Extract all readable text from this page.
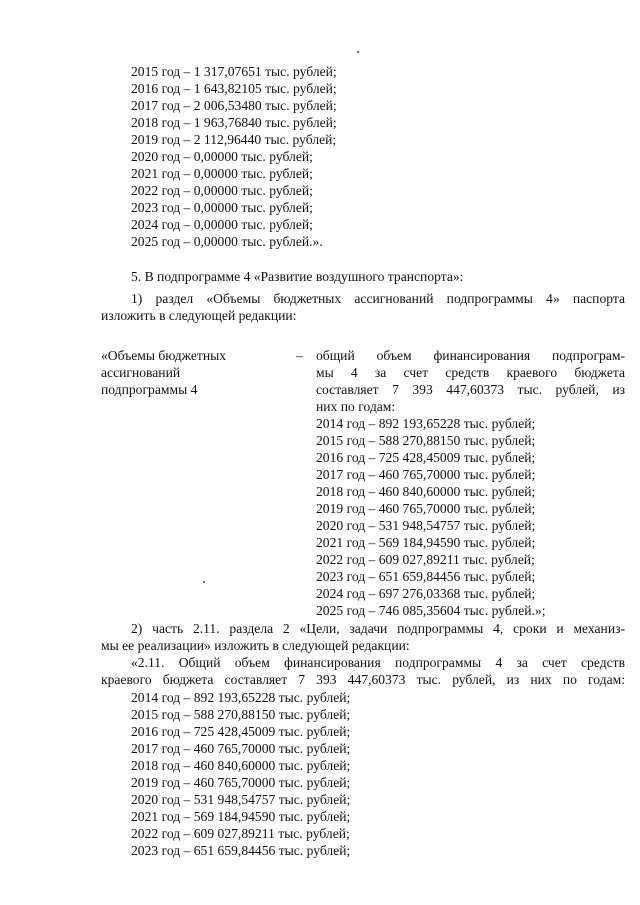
2015 год – 1 317,07651 тыс. рублей;
2016 год – 1 643,82105 тыс. рублей;
2017 год – 2 006,53480 тыс. рублей;
2018 год – 1 963,76840 тыс. рублей;
2019 год – 2 112,96440 тыс. рублей;
2020 год – 0,00000 тыс. рублей;
2021 год – 0,00000 тыс. рублей;
2022 год – 0,00000 тыс. рублей;
2023 год – 0,00000 тыс. рублей;
2024 год – 0,00000 тыс. рублей;
2025 год – 0,00000 тыс. рублей.».
5. В подпрограмме 4 «Развитие воздушного транспорта»:
1) раздел «Объемы бюджетных ассигнований подпрограммы 4» паспорта
изложить в следующей редакции:
«Объемы бюджетных
ассигнований
подпрограммы 4
– общий объем финансирования подпрограм-
мы 4 за счет средств краевого бюджета
составляет 7 393 447,60373 тыс. рублей, из
них по годам:
2014 год – 892 193,65228 тыс. рублей;
2015 год – 588 270,88150 тыс. рублей;
2016 год – 725 428,45009 тыс. рублей;
2017 год – 460 765,70000 тыс. рублей;
2018 год – 460 840,60000 тыс. рублей;
2019 год – 460 765,70000 тыс. рублей;
2020 год – 531 948,54757 тыс. рублей;
2021 год – 569 184,94590 тыс. рублей;
2022 год – 609 027,89211 тыс. рублей;
2023 год – 651 659,84456 тыс. рублей;
2024 год – 697 276,03368 тыс. рублей;
2025 год – 746 085,35604 тыс. рублей.»;
2) часть 2.11. раздела 2 «Цели, задачи подпрограммы 4, сроки и механиз-
мы ее реализации» изложить в следующей редакции:
«2.11. Общий объем финансирования подпрограммы 4 за счет средств
краевого бюджета составляет 7 393 447,60373 тыс. рублей, из них по годам:
2014 год – 892 193,65228 тыс. рублей;
2015 год – 588 270,88150 тыс. рублей;
2016 год – 725 428,45009 тыс. рублей;
2017 год – 460 765,70000 тыс. рублей;
2018 год – 460 840,60000 тыс. рублей;
2019 год – 460 765,70000 тыс. рублей;
2020 год – 531 948,54757 тыс. рублей;
2021 год – 569 184,94590 тыс. рублей;
2022 год – 609 027,89211 тыс. рублей;
2023 год – 651 659,84456 тыс. рублей;
